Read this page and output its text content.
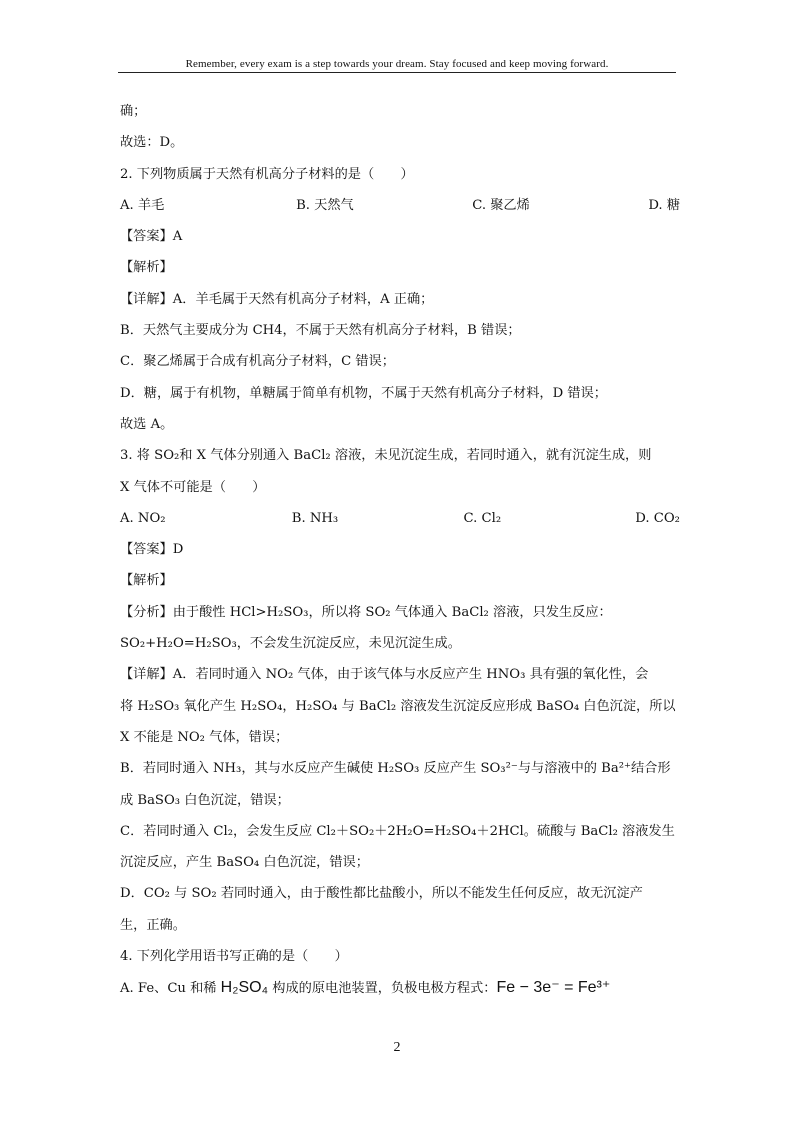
Remember, every exam is a step towards your dream. Stay focused and keep moving forward.
确；
故选：D。
2. 下列物质属于天然有机高分子材料的是（　　）
A. 羊毛	B. 天然气	C. 聚乙烯	D. 糖
【答案】A
【解析】
【详解】A．羊毛属于天然有机高分子材料，A 正确；
B．天然气主要成分为 CH4，不属于天然有机高分子材料，B 错误；
C．聚乙烯属于合成有机高分子材料，C 错误；
D．糖，属于有机物，单糖属于简单有机物，不属于天然有机高分子材料，D 错误；
故选 A。
3. 将 SO₂和 X 气体分别通入 BaCl₂ 溶液，未见沉淀生成，若同时通入，就有沉淀生成，则
X 气体不可能是（　　）
A. NO₂	B. NH₃	C. Cl₂	D. CO₂
【答案】D
【解析】
【分析】由于酸性 HCl>H₂SO₃，所以将 SO₂ 气体通入 BaCl₂ 溶液，只发生反应：
SO₂+H₂O=H₂SO₃，不会发生沉淀反应，未见沉淀生成。
【详解】A．若同时通入 NO₂ 气体，由于该气体与水反应产生 HNO₃ 具有强的氧化性，会
将 H₂SO₃ 氧化产生 H₂SO₄，H₂SO₄ 与 BaCl₂ 溶液发生沉淀反应形成 BaSO₄ 白色沉淀，所以
X 不能是 NO₂ 气体，错误；
B．若同时通入 NH₃，其与水反应产生碱使 H₂SO₃ 反应产生 SO₃²⁻与与溶液中的 Ba²⁺结合形
成 BaSO₃ 白色沉淀，错误；
C．若同时通入 Cl₂，会发生反应 Cl₂＋SO₂＋2H₂O=H₂SO₄＋2HCl。硫酸与 BaCl₂ 溶液发生
沉淀反应，产生 BaSO₄ 白色沉淀，错误；
D．CO₂ 与 SO₂ 若同时通入，由于酸性都比盐酸小，所以不能发生任何反应，故无沉淀产
生，正确。
4. 下列化学用语书写正确的是（　　）
A. Fe、Cu 和稀 H₂SO₄ 构成的原电池装置，负极电极方程式：Fe − 3e⁻ = Fe³⁺
2
